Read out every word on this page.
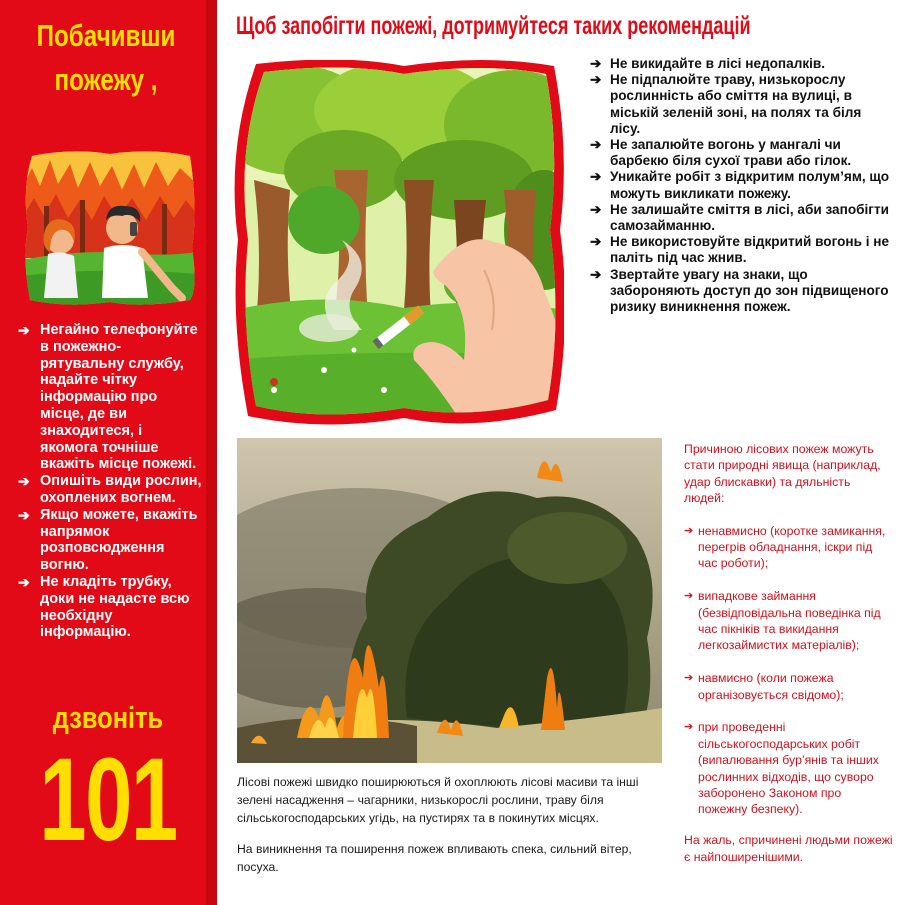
Побачивши
пожежу ,
➔ Негайно телефонуйте в пожежно-рятувальну службу, надайте чітку інформацію про місце, де ви знаходитеся, і якомога точніше вкажіть місце пожежі.
➔ Опишіть види рослин, охоплених вогнем.
➔ Якщо можете, вкажіть напрямок розповсюдження вогню.
➔ Не кладіть трубку, доки не надасте всю необхідну інформацію.
дзвоніть
101
Щоб запобігти пожежі, дотримуйтеся таких рекомендацій
➔ Не викидайте в лісі недопалків.
➔ Не підпалюйте траву, низькорослу рослинність або сміття на вулиці, в міській зеленій зоні, на полях та біля лісу.
➔ Не запалюйте вогонь у мангалі чи барбекю біля сухої трави або гілок.
➔ Уникайте робіт з відкритим полум’ям, що можуть викликати пожежу.
➔ Не залишайте сміття в лісі, аби запобігти самозайманню.
➔ Не використовуйте відкритий вогонь і не паліть під час жнив.
➔ Звертайте увагу на знаки, що забороняють доступ до зон підвищеного ризику виникнення пожеж.

Лісові пожежі швидко поширюються й охоплюють лісові масиви та інші зелені насадження – чагарники, низькорослі рослини, траву біля сільськогосподарських угідь, на пустирях та в покинутих місцях.

На виникнення та поширення пожеж впливають спека, сильний вітер, посуха.

Причиною лісових пожеж можуть стати природні явища (наприклад, удар блискавки) та дяльність людей:

➔ ненавмисно (коротке замикання, перегрів обладнання, іскри під час роботи);
➔ випадкове займання (безвідповідальна поведінка під час пікніків та викидання легкозаймистих матеріалів);
➔ навмисно (коли пожежа організовується свідомо);
➔ при проведенні сільськогосподарських робіт (випалювання бур’янів та інших рослинних відходів, що суворо заборонено Законом про пожежну безпеку).

На жаль, спричинені людьми пожежі є найпоширенішими.
